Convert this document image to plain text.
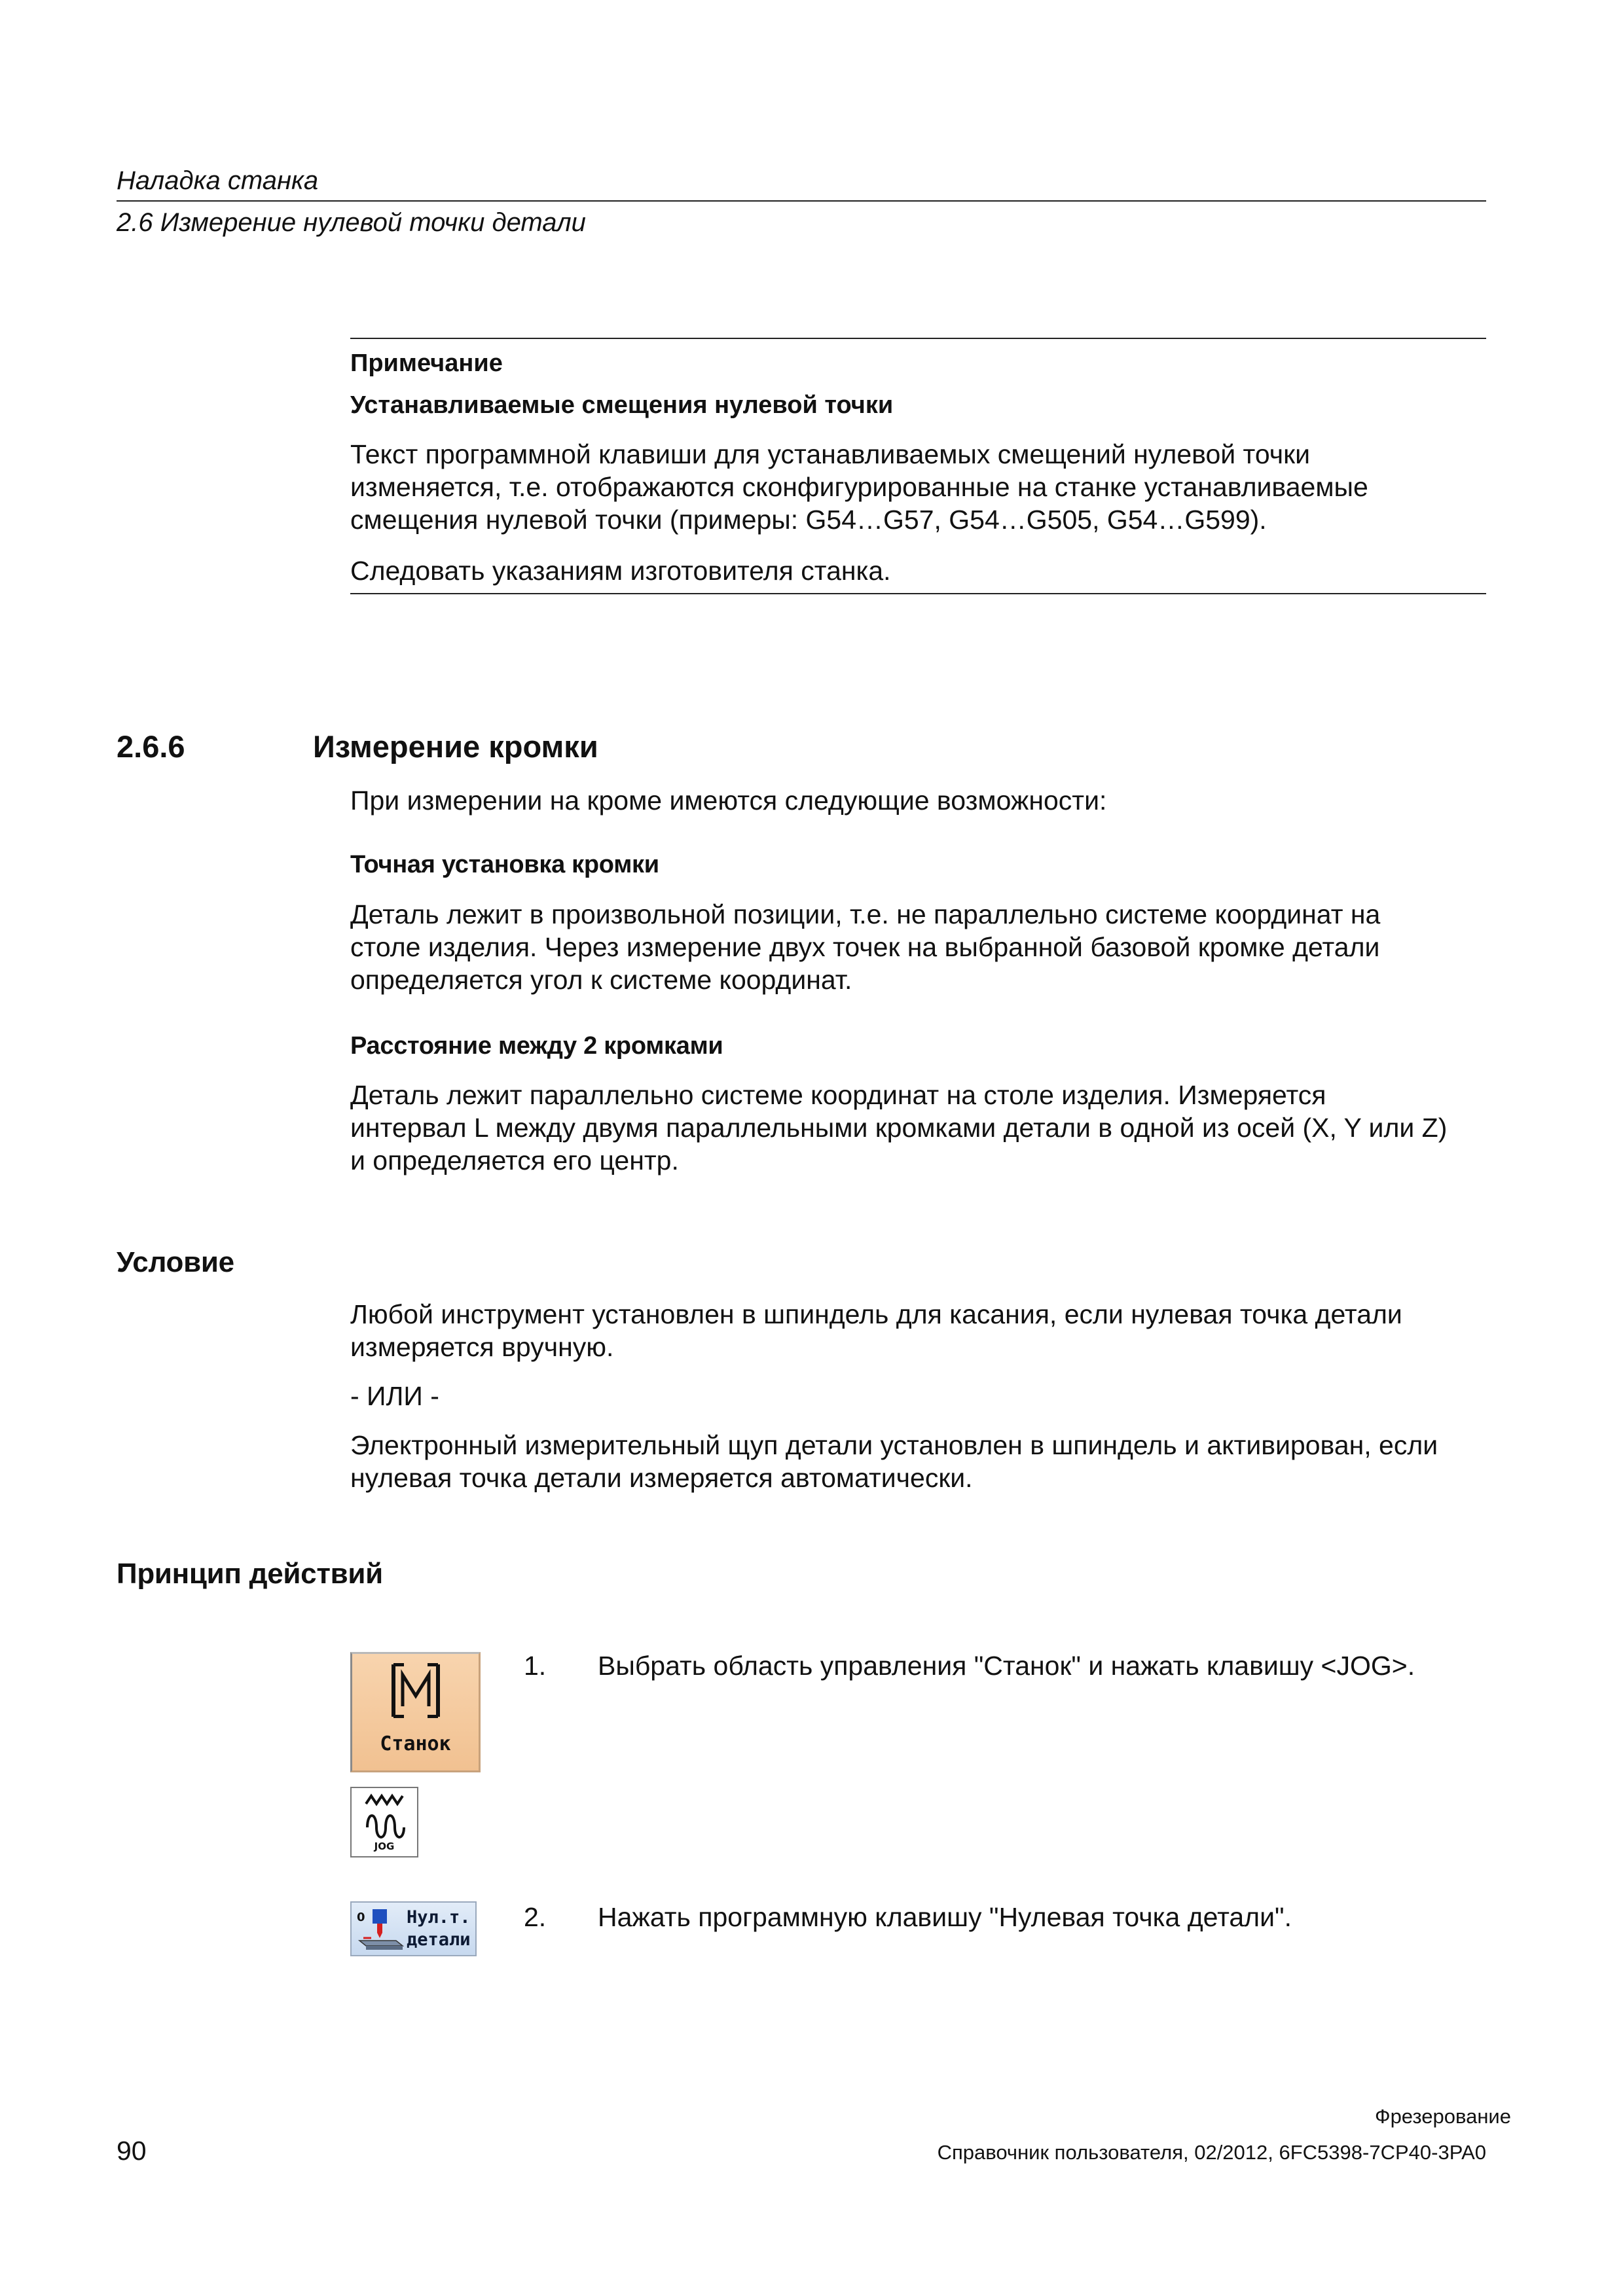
Наладка станка
2.6 Измерение нулевой точки детали
Примечание
Устанавливаемые смещения нулевой точки
Текст программной клавиши для устанавливаемых смещений нулевой точки
изменяется, т.е. отображаются сконфигурированные на станке устанавливаемые
смещения нулевой точки (примеры: G54…G57, G54…G505, G54…G599).
Следовать указаниям изготовителя станка.
2.6.6	Измерение кромки
При измерении на кроме имеются следующие возможности:
Точная установка кромки
Деталь лежит в произвольной позиции, т.е. не параллельно системе координат на
столе изделия. Через измерение двух точек на выбранной базовой кромке детали
определяется угол к системе координат.
Расстояние между 2 кромками
Деталь лежит параллельно системе координат на столе изделия. Измеряется
интервал L между двумя параллельными кромками детали в одной из осей (X, Y или Z)
и определяется его центр.
Условие
Любой инструмент установлен в шпиндель для касания, если нулевая точка детали
измеряется вручную.
- ИЛИ -
Электронный измерительный щуп детали установлен в шпиндель и активирован, если
нулевая точка детали измеряется автоматически.
Принцип действий
Станок
JOG
0 Нул.т.
детали
1. Выбрать область управления "Станок" и нажать клавишу <JOG>.
2. Нажать программную клавишу "Нулевая точка детали".
Фрезерование
90	Справочник пользователя, 02/2012, 6FC5398-7CP40-3PA0
